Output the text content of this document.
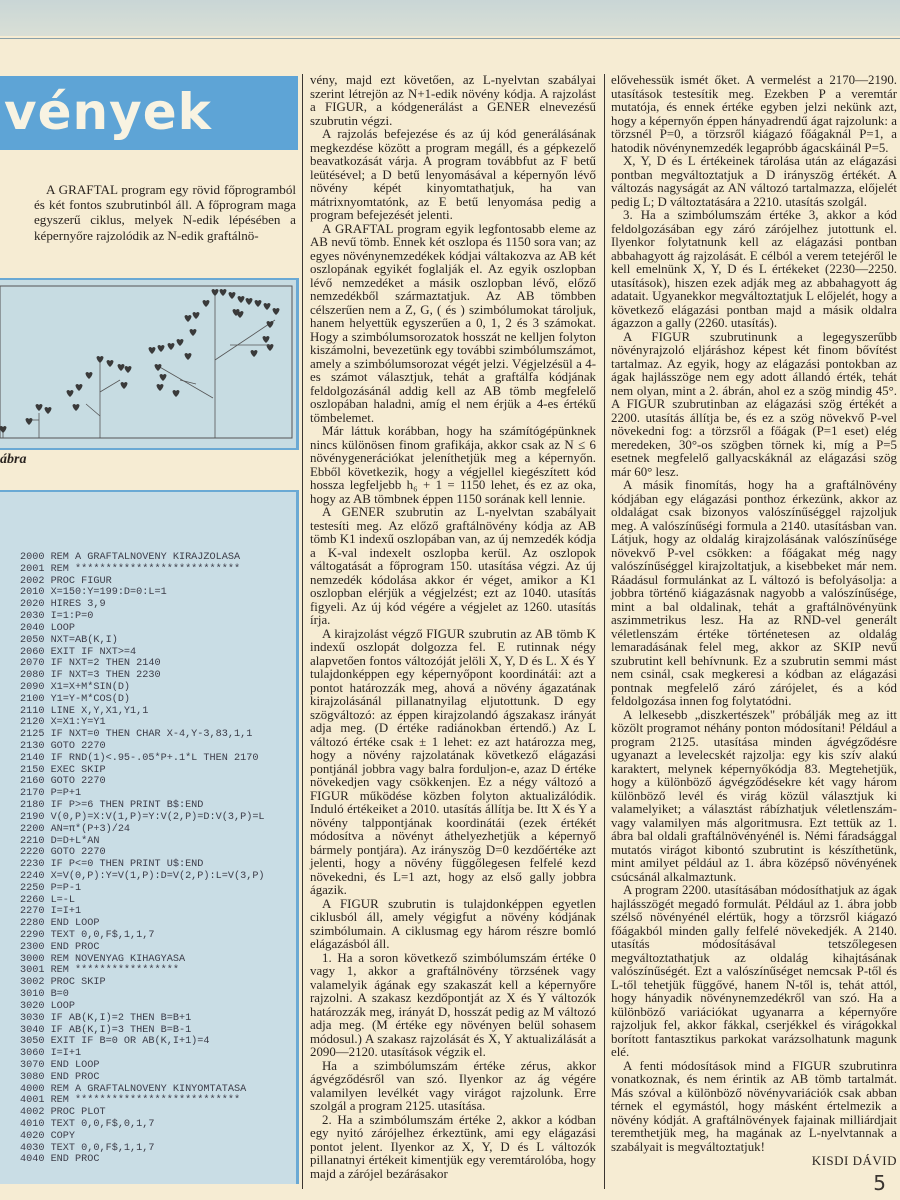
vények

A GRAFTAL program egy rövid főprogramból és két fontos szubrutinból áll. A főprogram maga egyszerű ciklus, melyek N-edik lépésében a képernyőre rajzolódik az N-edik graftálnö-

ábra
2000 REM A GRAFTALNOVENY KIRAJZOLASA
2001 REM ***************************
2002 PROC FIGUR
2010 X=150:Y=199:D=0:L=1
2020 HIRES 3,9
2030 I=1:P=0
2040 LOOP
2050 NXT=AB(K,I)
2060 EXIT IF NXT>=4
2070 IF NXT=2 THEN 2140
2080 IF NXT=3 THEN 2230
2090 X1=X+M*SIN(D)
2100 Y1=Y-M*COS(D)
2110 LINE X,Y,X1,Y1,1
2120 X=X1:Y=Y1
2125 IF NXT=0 THEN CHAR X-4,Y-3,83,1,1
2130 GOTO 2270
2140 IF RND(1)<.95-.05*P+.1*L THEN 2170
2150 EXEC SKIP
2160 GOTO 2270
2170 P=P+1
2180 IF P>=6 THEN PRINT B$:END
2190 V(0,P)=X:V(1,P)=Y:V(2,P)=D:V(3,P)=L
2200 AN=π*(P+3)/24
2210 D=D+L*AN
2220 GOTO 2270
2230 IF P<=0 THEN PRINT U$:END
2240 X=V(0,P):Y=V(1,P):D=V(2,P):L=V(3,P)
2250 P=P-1
2260 L=-L
2270 I=I+1
2280 END LOOP
2290 TEXT 0,0,F$,1,1,7
2300 END PROC
3000 REM NOVENYAG KIHAGYASA
3001 REM *****************
3002 PROC SKIP
3010 B=0
3020 LOOP
3030 IF AB(K,I)=2 THEN B=B+1
3040 IF AB(K,I)=3 THEN B=B-1
3050 EXIT IF B=0 OR AB(K,I+1)=4
3060 I=I+1
3070 END LOOP
3080 END PROC
4000 REM A GRAFTALNOVENY KINYOMTATASA
4001 REM ***************************
4002 PROC PLOT
4010 TEXT 0,0,F$,0,1,7
4020 COPY
4030 TEXT 0,0,F$,1,1,7
4040 END PROC

vény, majd ezt követően, az L-nyelvtan szabályai szerint létrejön az N+1-edik növény kódja. A rajzolást a FIGUR, a kódgenerálást a GENER elnevezésű szubrutin végzi.

A rajzolás befejezése és az új kód generálásának megkezdése között a program megáll, és a gépkezelő beavatkozását várja. A program továbbfut az F betű leütésével; a D betű lenyomásával a képernyőn lévő növény képét kinyomtathatjuk, ha van mátrixnyomtatónk, az E betű lenyomása pedig a program befejezését jelenti.

A GRAFTAL program egyik legfontosabb eleme az AB nevű tömb. Ennek két oszlopa és 1150 sora van; az egyes növénynemzedékek kódjai váltakozva az AB két oszlopának egyikét foglalják el. Az egyik oszlopban lévő nemzedéket a másik oszlopban lévő, előző nemzedékből származtatjuk. Az AB tömbben célszerűen nem a Z, G, ( és ) szimbólumokat tároljuk, hanem helyettük egyszerűen a 0, 1, 2 és 3 számokat. Hogy a szimbólumsorozatok hosszát ne kelljen folyton kiszámolni, bevezetünk egy további szimbólumszámot, amely a szimbólumsorozat végét jelzi. Végjelzésül a 4-es számot választjuk, tehát a graftálfa kódjának feldolgozásánál addig kell az AB tömb megfelelő oszlopában haladni, amíg el nem érjük a 4-es értékű tömbelemet.

Már láttuk korábban, hogy ha számítógépünknek nincs különösen finom grafikája, akkor csak az N ≤ 6 növénygenerációkat jeleníthetjük meg a képernyőn. Ebből következik, hogy a végjellel kiegészített kód hossza legfeljebb h₆ + 1 = 1150 lehet, és ez az oka, hogy az AB tömbnek éppen 1150 sorának kell lennie.

A GENER szubrutin az L-nyelvtan szabályait testesíti meg. Az előző graftálnövény kódja az AB tömb K1 indexű oszlopában van, az új nemzedék kódja a K-val indexelt oszlopba kerül. Az oszlopok váltogatását a főprogram 150. utasítása végzi. Az új nemzedék kódolása akkor ér véget, amikor a K1 oszlopban elérjük a végjelzést; ezt az 1040. utasítás figyeli. Az új kód végére a végjelet az 1260. utasítás írja.

A kirajzolást végző FIGUR szubrutin az AB tömb K indexű oszlopát dolgozza fel. E rutinnak négy alapvetően fontos változóját jelöli X, Y, D és L. X és Y tulajdonképpen egy képernyőpont koordinátái: azt a pontot határozzák meg, ahová a növény ágazatának kirajzolásánál pillanatnyilag eljutottunk. D egy szögváltozó: az éppen kirajzolandó ágszakasz irányát adja meg. (D értéke radiánokban értendő.) Az L változó értéke csak ± 1 lehet: ez azt határozza meg, hogy a növény rajzolatának következő elágazási pontjánál jobbra vagy balra forduljon-e, azaz D értéke növekedjen vagy csökkenjen. Ez a négy változó a FIGUR működése közben folyton aktualizálódik. Induló értékeiket a 2010. utasítás állítja be. Itt X és Y a növény talppontjának koordinátái (ezek értékét módosítva a növényt áthelyezhetjük a képernyő bármely pontjára). Az irányszög D=0 kezdőértéke azt jelenti, hogy a növény függőlegesen felfelé kezd növekedni, és L=1 azt, hogy az első gally jobbra ágazik.

A FIGUR szubrutin is tulajdonképpen egyetlen ciklusból áll, amely végigfut a növény kódjának szimbólumain. A ciklusmag egy három részre bomló elágazásból áll.

1. Ha a soron következő szimbólumszám értéke 0 vagy 1, akkor a graftálnövény törzsének vagy valamelyik ágának egy szakaszát kell a képernyőre rajzolni. A szakasz kezdőpontját az X és Y változók határozzák meg, irányát D, hosszát pedig az M változó adja meg. (M értéke egy növényen belül sohasem módosul.) A szakasz rajzolását és X, Y aktualizálását a 2090—2120. utasítások végzik el.

Ha a szimbólumszám értéke zérus, akkor ágvégződésről van szó. Ilyenkor az ág végére valamilyen levélkét vagy virágot rajzolunk. Erre szolgál a program 2125. utasítása.

2. Ha a szimbólumszám értéke 2, akkor a kódban egy nyitó zárójelhez érkeztünk, ami egy elágazási pontot jelent. Ilyenkor az X, Y, D és L változók pillanatnyi értékeit kimentjük egy veremtárolóba, hogy majd a zárójel bezárásakor

elővehessük ismét őket. A vermelést a 2170—2190. utasítások testesítik meg. Ezekben P a veremtár mutatója, és ennek értéke egyben jelzi nekünk azt, hogy a képernyőn éppen hányadrendű ágat rajzolunk: a törzsnél P=0, a törzsről kiágazó főágaknál P=1, a hatodik növénynemzedék legapróbb ágacskáinál P=5.

X, Y, D és L értékeinek tárolása után az elágazási pontban megváltoztatjuk a D irányszög értékét. A változás nagyságát az AN változó tartalmazza, előjelét pedig L; D változtatására a 2210. utasítás szolgál.

3. Ha a szimbólumszám értéke 3, akkor a kód feldolgozásában egy záró zárójelhez jutottunk el. Ilyenkor folytatnunk kell az elágazási pontban abbahagyott ág rajzolását. E célból a verem tetejéről le kell emelnünk X, Y, D és L értékeket (2230—2250. utasítások), hiszen ezek adják meg az abbahagyott ág adatait. Ugyanekkor megváltoztatjuk L előjelét, hogy a következő elágazási pontban majd a másik oldalra ágazzon a gally (2260. utasítás).

A FIGUR szubrutinunk a legegyszerűbb növényrajzoló eljáráshoz képest két finom bővítést tartalmaz. Az egyik, hogy az elágazási pontokban az ágak hajlásszöge nem egy adott állandó érték, tehát nem olyan, mint a 2. ábrán, ahol ez a szög mindig 45°. A FIGUR szubrutinban az elágazási szög értékét a 2200. utasítás állítja be, és ez a szög növekvő P-vel növekedni fog: a törzsről a főágak (P=1 eset) elég meredeken, 30°-os szögben törnek ki, míg a P=5 esetnek megfelelő gallyacskáknál az elágazási szög már 60° lesz.

A másik finomítás, hogy ha a graftálnövény kódjában egy elágazási ponthoz érkezünk, akkor az oldalágat csak bizonyos valószínűséggel rajzoljuk meg. A valószínűségi formula a 2140. utasításban van. Látjuk, hogy az oldalág kirajzolásának valószínűsége növekvő P-vel csökken: a főágakat még nagy valószínűséggel kirajzoltatjuk, a kisebbeket már nem. Ráadásul formulánkat az L változó is befolyásolja: a jobbra történő kiágazásnak nagyobb a valószínűsége, mint a bal oldalinak, tehát a graftálnövényünk aszimmetrikus lesz. Ha az RND-vel generált véletlenszám értéke történetesen az oldalág lemaradásának felel meg, akkor az SKIP nevű szubrutint kell behívnunk. Ez a szubrutin semmi mást nem csinál, csak megkeresi a kódban az elágazási pontnak megfelelő záró zárójelet, és a kód feldolgozása innen fog folytatódni.

A lelkesebb „diszkertészek" próbálják meg az itt közölt programot néhány ponton módosítani! Például a program 2125. utasítása minden ágvégződésre ugyanazt a levelecskét rajzolja: egy kis szív alakú karaktert, melynek képernyőkódja 83. Megtehetjük, hogy a különböző ágvégződésekre két vagy három különböző levél és virág közül választjuk ki valamelyiket; a választást rábízhatjuk véletlenszám- vagy valamilyen más algoritmusra. Ezt tettük az 1. ábra bal oldali graftálnövényénél is. Némi fáradsággal mutatós virágot kibontó szubrutint is készíthetünk, mint amilyet például az 1. ábra középső növényének csúcsánál alkalmaztunk.

A program 2200. utasításában módosíthatjuk az ágak hajlásszögét megadó formulát. Például az 1. ábra jobb szélső növényénél elértük, hogy a törzsről kiágazó főágakból minden gally felfelé növekedjék. A 2140. utasítás módosításával tetszőlegesen megváltoztathatjuk az oldalág kihajtásának valószínűségét. Ezt a valószínűséget nemcsak P-től és L-től tehetjük függővé, hanem N-től is, tehát attól, hogy hányadik növénynemzedékről van szó. Ha a különböző variációkat ugyanarra a képernyőre rajzoljuk fel, akkor fákkal, cserjékkel és virágokkal borított fantasztikus parkokat varázsolhatunk magunk elé.

A fenti módosítások mind a FIGUR szubrutinra vonatkoznak, és nem érintik az AB tömb tartalmát. Más szóval a különböző növényvariációk csak abban térnek el egymástól, hogy másként értelmezik a növény kódját. A graftálnövények fajainak milliárdjait teremthetjük meg, ha magának az L-nyelvtannak a szabályait is megváltoztatjuk!

KISDI DÁVID
5
